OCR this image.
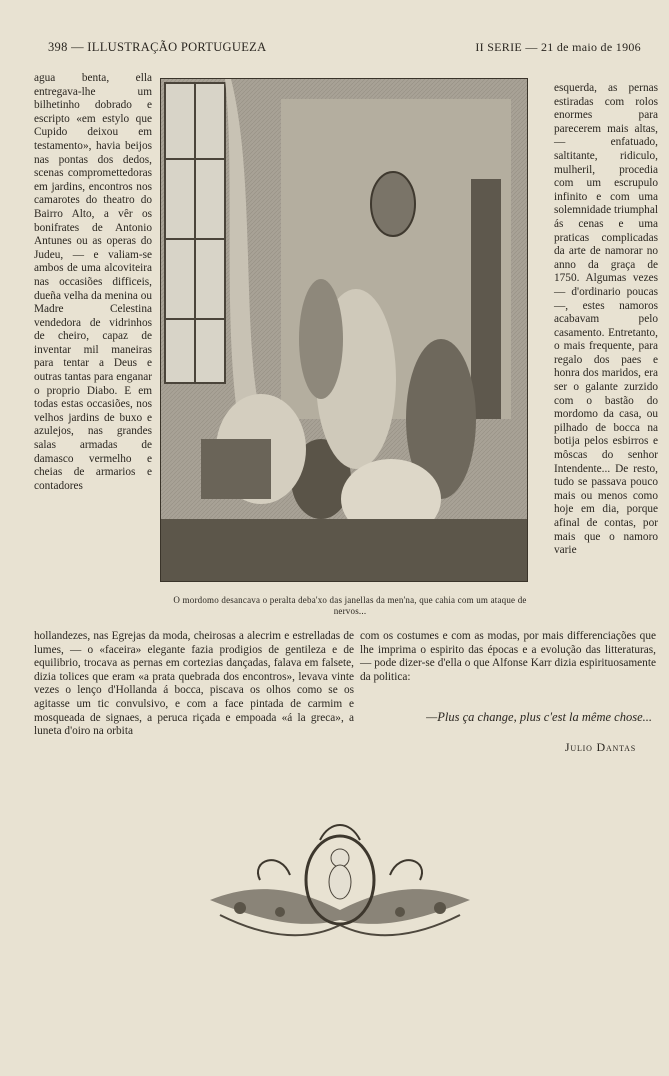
398 — ILLUSTRAÇÃO PORTUGUEZA	II SERIE — 21 de maio de 1906
agua benta, ella entregava-lhe um bilhetinho dobrado e escripto «em estylo que Cupido deixou em testamento», havia beijos nas pontas dos dedos, scenas compromettedoras em jardins, encontros nos camarotes do theatro do Bairro Alto, a vêr os bonifrates de Antonio Antunes ou as operas do Judeu, — e valiam-se ambos de uma alcoviteira nas occasiões difficeis, dueña velha da menina ou Madre Celestina vendedora de vidrinhos de cheiro, capaz de inventar mil maneiras para tentar a Deus e outras tantas para enganar o proprio Diabo. E em todas estas occasiões, nos velhos jardins de buxo e azulejos, nas grandes salas armadas de damasco vermelho e cheias de armarios e contadores
O mordomo desancava o peralta deba'xo das janellas da men'na, que cahia com um ataque de nervos...
esquerda, as pernas estiradas com rolos enormes para parecerem mais altas, — enfatuado, saltitante, ridiculo, mulheril, procedia com um escrupulo infinito e com uma solemnidade triumphal ás cenas e uma praticas complicadas da arte de namorar no anno da graça de 1750. Algumas vezes — d'ordinario poucas —, estes namoros acabavam pelo casamento. Entretanto, o mais frequente, para regalo dos paes e honra dos maridos, era ser o galante zurzido com o bastão do mordomo da casa, ou pilhado de bocca na botija pelos esbirros e môscas do senhor Intendente... De resto, tudo se passava pouco mais ou menos como hoje em dia, porque afinal de contas, por mais que o namoro varie
hollandezes, nas Egrejas da moda, cheirosas a alecrim e estrelladas de lumes, — o «faceira» elegante fazia prodigios de gentileza e de equilibrio, trocava as pernas em cortezias dançadas, falava em falsete, dizia tolices que eram «a prata quebrada dos encontros», levava vinte vezes o lenço d'Hollanda á bocca, piscava os olhos como se os agitasse um tic convulsivo, e com a face pintada de carmim e mosqueada de signaes, a peruca riçada e empoada «á la greca», a luneta d'oiro na orbita
com os costumes e com as modas, por mais differenciações que lhe imprima o espirito das épocas e a evolução das litteraturas, — pode dizer-se d'ella o que Alfonse Karr dizia espirituosamente da politica:
—Plus ça change, plus c'est la même chose...
Julio Dantas
